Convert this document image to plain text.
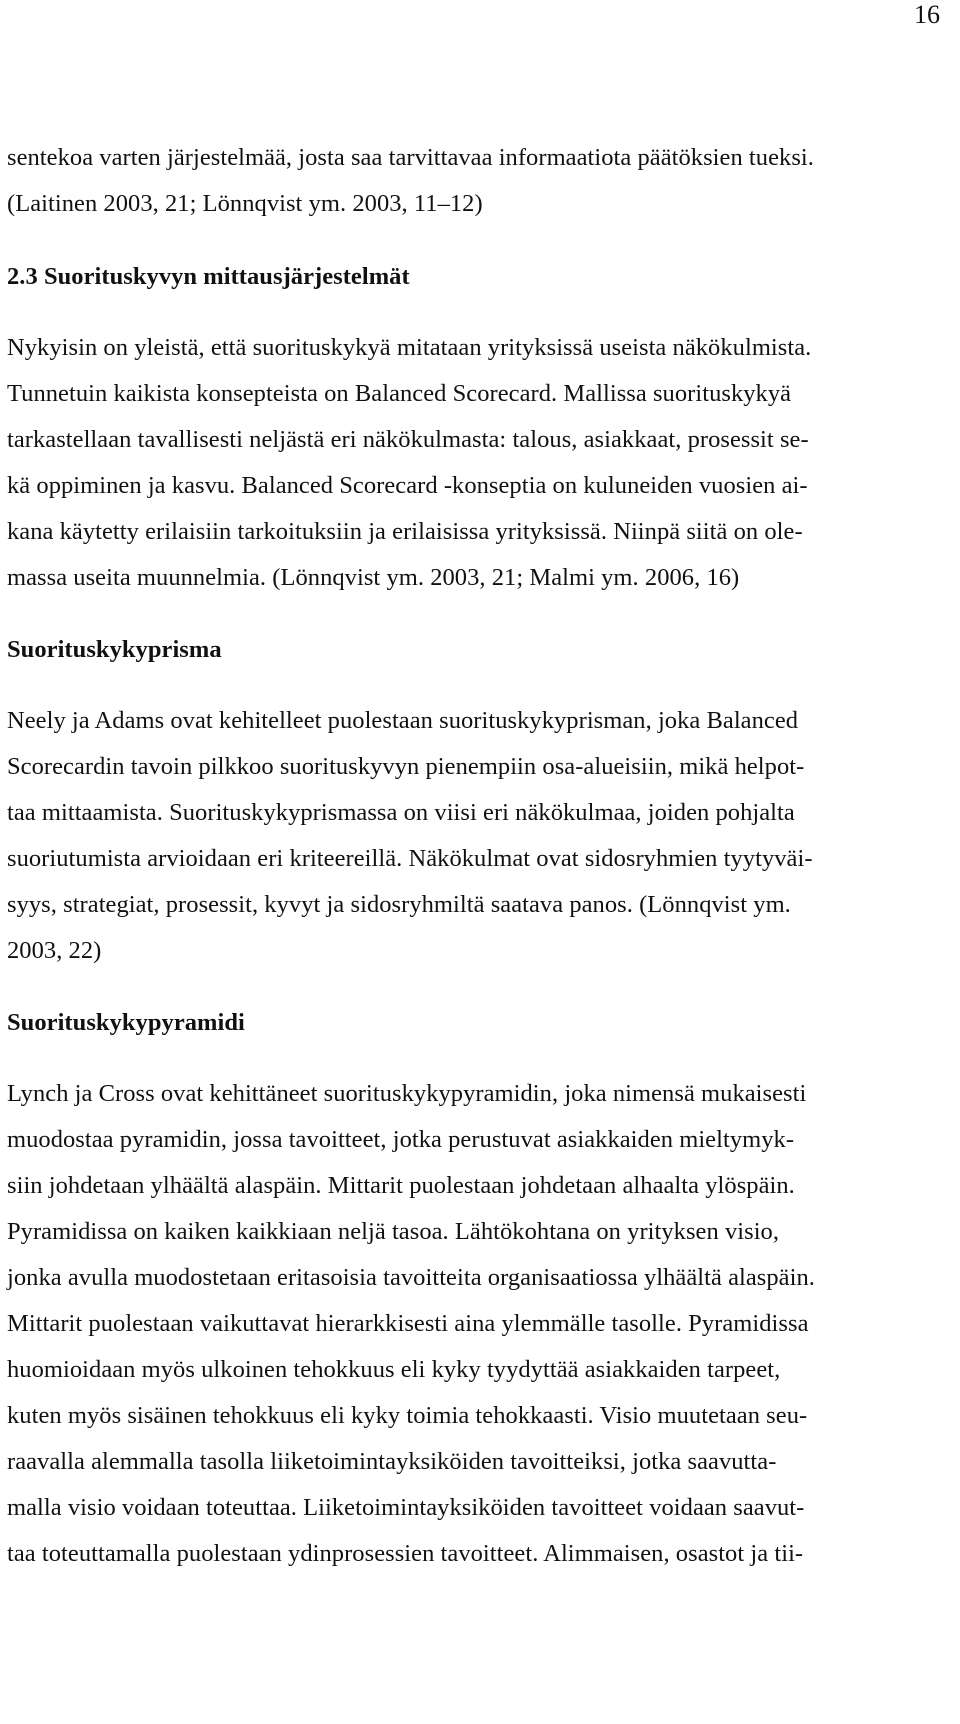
16
sentekoa varten järjestelmää, josta saa tarvittavaa informaatiota päätöksien tueksi.
(Laitinen 2003, 21; Lönnqvist ym. 2003, 11–12)
2.3 Suorituskyvyn mittausjärjestelmät
Nykyisin on yleistä, että suorituskykyä mitataan yrityksissä useista näkökulmista.
Tunnetuin kaikista konsepteista on Balanced Scorecard. Mallissa suorituskykyä
tarkastellaan tavallisesti neljästä eri näkökulmasta: talous, asiakkaat, prosessit se-
kä oppiminen ja kasvu. Balanced Scorecard -konseptia on kuluneiden vuosien ai-
kana käytetty erilaisiin tarkoituksiin ja erilaisissa yrityksissä. Niinpä siitä on ole-
massa useita muunnelmia. (Lönnqvist ym. 2003, 21; Malmi ym. 2006, 16)
Suorituskykyprisma
Neely ja Adams ovat kehitelleet puolestaan suorituskykyprisman, joka Balanced
Scorecardin tavoin pilkkoo suorituskyvyn pienempiin osa-alueisiin, mikä helpot-
taa mittaamista. Suorituskykyprismassa on viisi eri näkökulmaa, joiden pohjalta
suoriutumista arvioidaan eri kriteereillä. Näkökulmat ovat sidosryhmien tyytyväi-
syys, strategiat, prosessit, kyvyt ja sidosryhmiltä saatava panos. (Lönnqvist ym.
2003, 22)
Suorituskykypyramidi
Lynch ja Cross ovat kehittäneet suorituskykypyramidin, joka nimensä mukaisesti
muodostaa pyramidin, jossa tavoitteet, jotka perustuvat asiakkaiden mieltymyk-
siin johdetaan ylhäältä alaspäin. Mittarit puolestaan johdetaan alhaalta ylöspäin.
Pyramidissa on kaiken kaikkiaan neljä tasoa. Lähtökohtana on yrityksen visio,
jonka avulla muodostetaan eritasoisia tavoitteita organisaatiossa ylhäältä alaspäin.
Mittarit puolestaan vaikuttavat hierarkkisesti aina ylemmälle tasolle. Pyramidissa
huomioidaan myös ulkoinen tehokkuus eli kyky tyydyttää asiakkaiden tarpeet,
kuten myös sisäinen tehokkuus eli kyky toimia tehokkaasti. Visio muutetaan seu-
raavalla alemmalla tasolla liiketoimintayksiköiden tavoitteiksi, jotka saavutta-
malla visio voidaan toteuttaa. Liiketoimintayksiköiden tavoitteet voidaan saavut-
taa toteuttamalla puolestaan ydinprosessien tavoitteet. Alimmaisen, osastot ja tii-
